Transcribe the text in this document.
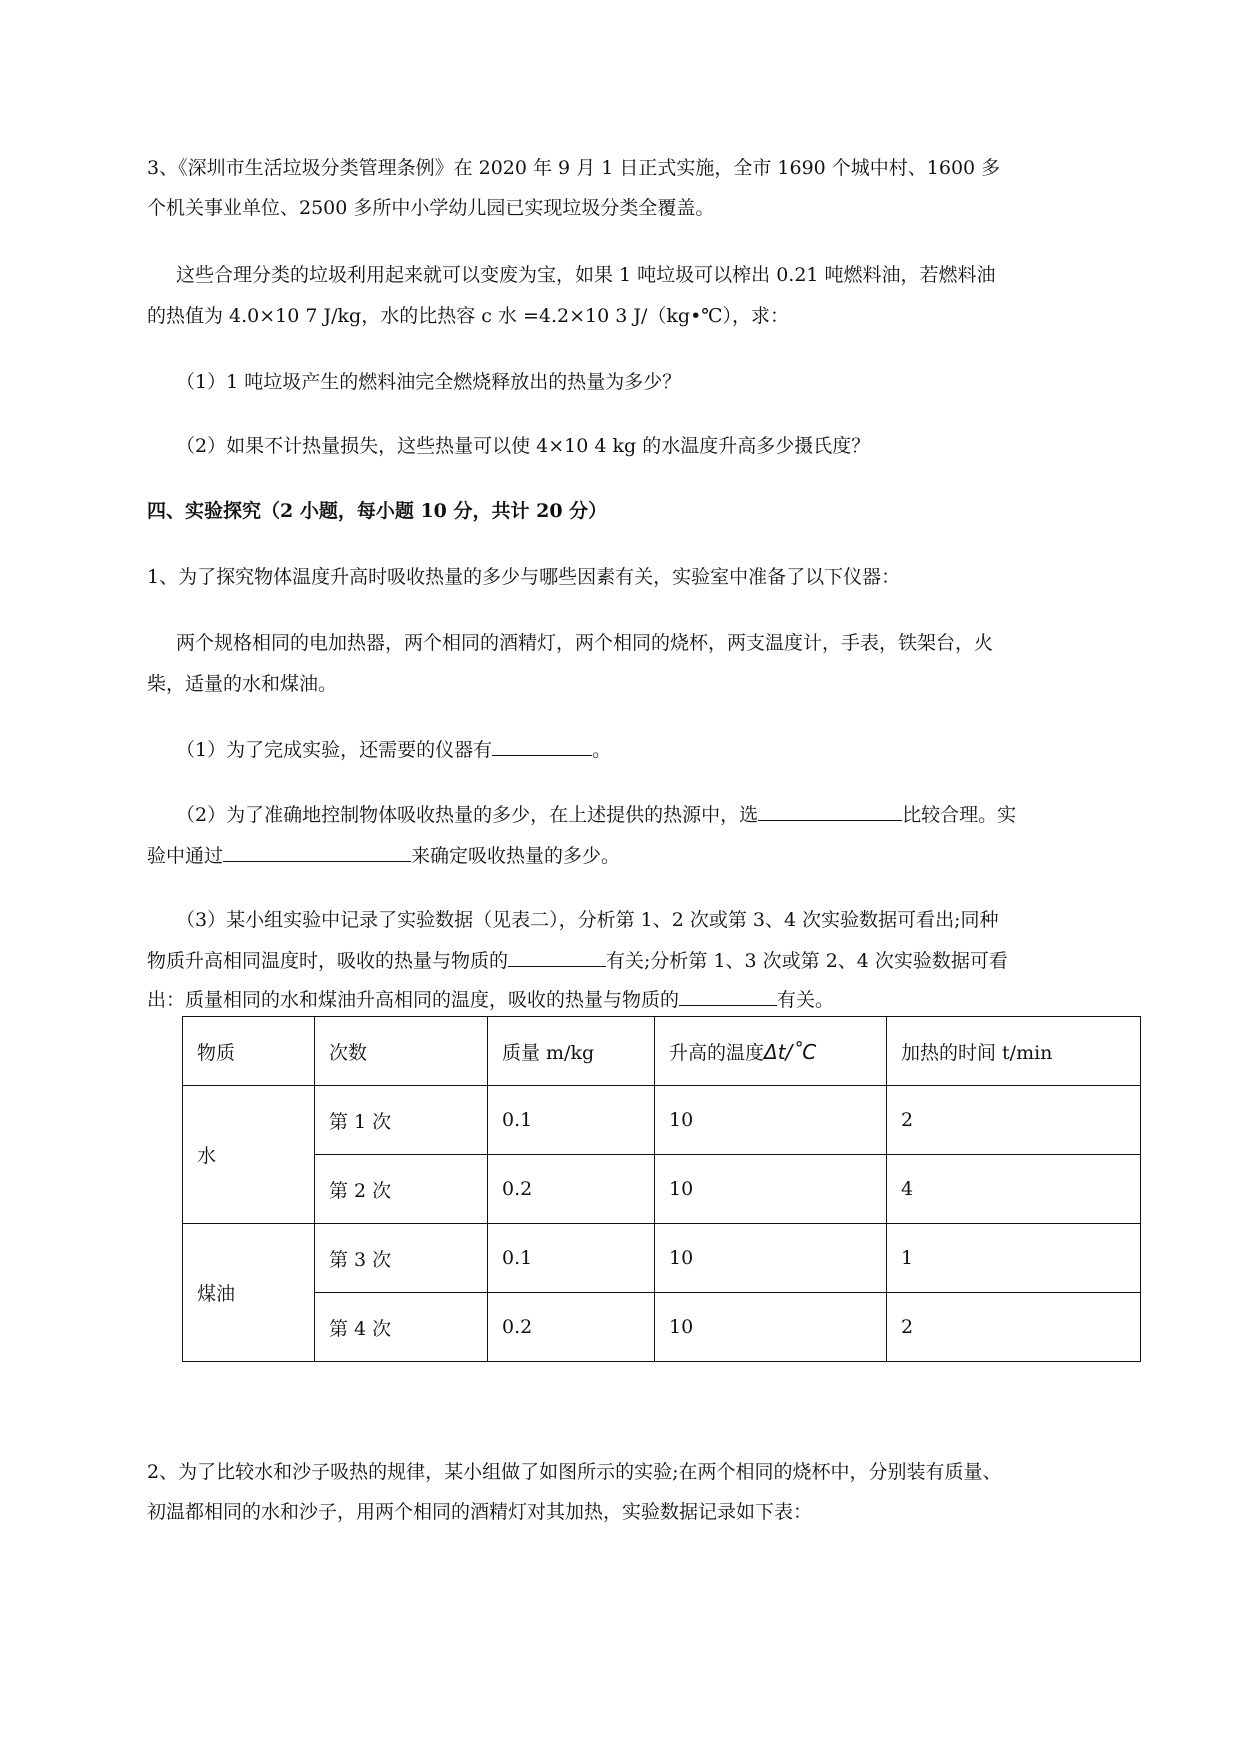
3、《深圳市生活垃圾分类管理条例》在 2020 年 9 月 1 日正式实施，全市 1690 个城中村、1600 多
个机关事业单位、2500 多所中小学幼儿园已实现垃圾分类全覆盖。
这些合理分类的垃圾利用起来就可以变废为宝，如果 1 吨垃圾可以榨出 0.21 吨燃料油，若燃料油
的热值为 4.0×10 7 J/kg，水的比热容 c 水 =4.2×10 3 J/（kg•℃），求：
（1）1 吨垃圾产生的燃料油完全燃烧释放出的热量为多少？
（2）如果不计热量损失，这些热量可以使 4×10 4 kg 的水温度升高多少摄氏度？
四、实验探究（2 小题，每小题 10 分，共计 20 分）
1、为了探究物体温度升高时吸收热量的多少与哪些因素有关，实验室中准备了以下仪器：
两个规格相同的电加热器，两个相同的酒精灯，两个相同的烧杯，两支温度计，手表，铁架台，火
柴，适量的水和煤油。
（1）为了完成实验，还需要的仪器有	。
（2）为了准确地控制物体吸收热量的多少，在上述提供的热源中，选	比较合理。实
验中通过	来确定吸收热量的多少。
（3）某小组实验中记录了实验数据（见表二），分析第 1、2 次或第 3、4 次实验数据可看出;同种
物质升高相同温度时，吸收的热量与物质的	有关;分析第 1、3 次或第 2、4 次实验数据可看
出：质量相同的水和煤油升高相同的温度，吸收的热量与物质的	有关。
物质	次数	质量 m/kg	升高的温度Δt/˚C	加热的时间 t/min
水	第 1 次	0.1	10	2
	第 2 次	0.2	10	4
煤油	第 3 次	0.1	10	1
	第 4 次	0.2	10	2
2、为了比较水和沙子吸热的规律，某小组做了如图所示的实验;在两个相同的烧杯中，分别装有质量、
初温都相同的水和沙子，用两个相同的酒精灯对其加热，实验数据记录如下表：
